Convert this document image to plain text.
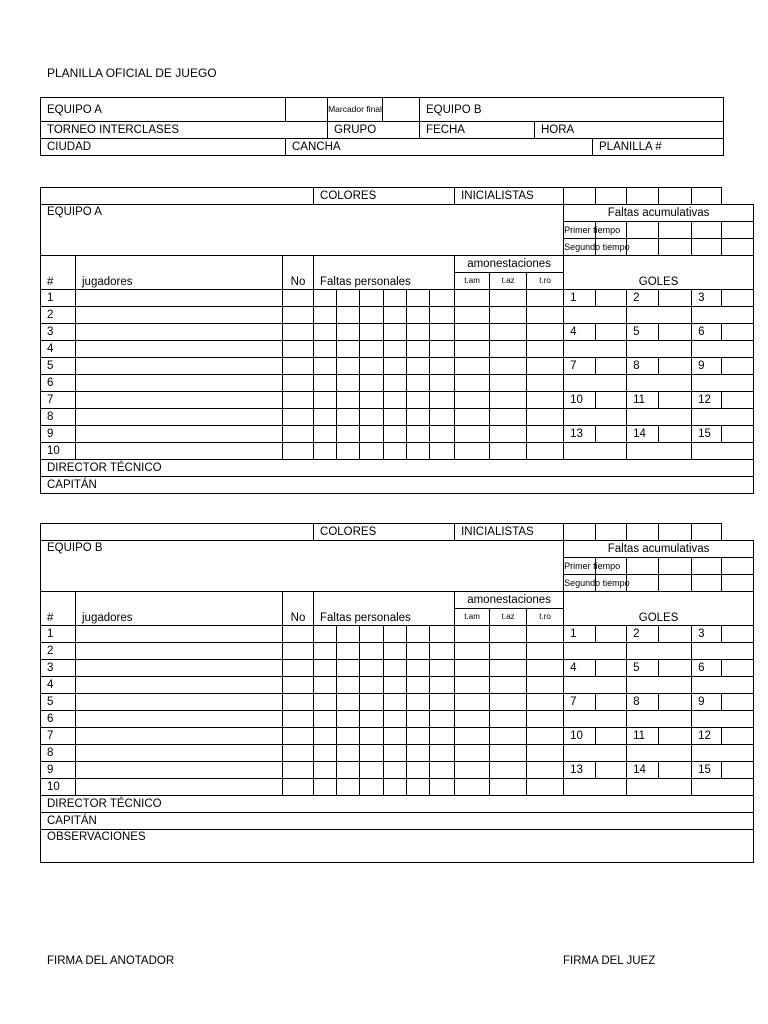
PLANILLA OFICIAL DE JUEGO
EQUIPO A		Marcador final		EQUIPO B		
TORNEO INTERCLASES		GRUPO		FECHA	HORA	
CIUDAD	CANCHA					PLANILLA #
			COLORES						INICIALISTAS								
EQUIPO A												Faltas acumulativas					
												Primer tiempo					
												Segundo tiempo					
#	jugadores	No	Faltas personales						amonestaciones			GOLES					
									t.am	t.az	t.ro						
1												1		2		3	
2																	
3												4		5		6	
4																	
5												7		8		9	
6																	
7												10		11		12	
8																	
9												13		14		15	
10																	
DIRECTOR TÉCNICO																	
CAPITÁN																	
			COLORES						INICIALISTAS								
EQUIPO B												Faltas acumulativas					
												Primer tiempo					
												Segundo tiempo					
#	jugadores	No	Faltas personales						amonestaciones			GOLES					
									t.am	t.az	t.ro						
1												1		2		3	
2																	
3												4		5		6	
4																	
5												7		8		9	
6																	
7												10		11		12	
8																	
9												13		14		15	
10																	
DIRECTOR TÉCNICO																	
CAPITÁN																	
OBSERVACIONES																	
FIRMA DEL ANOTADOR	FIRMA DEL JUEZ
